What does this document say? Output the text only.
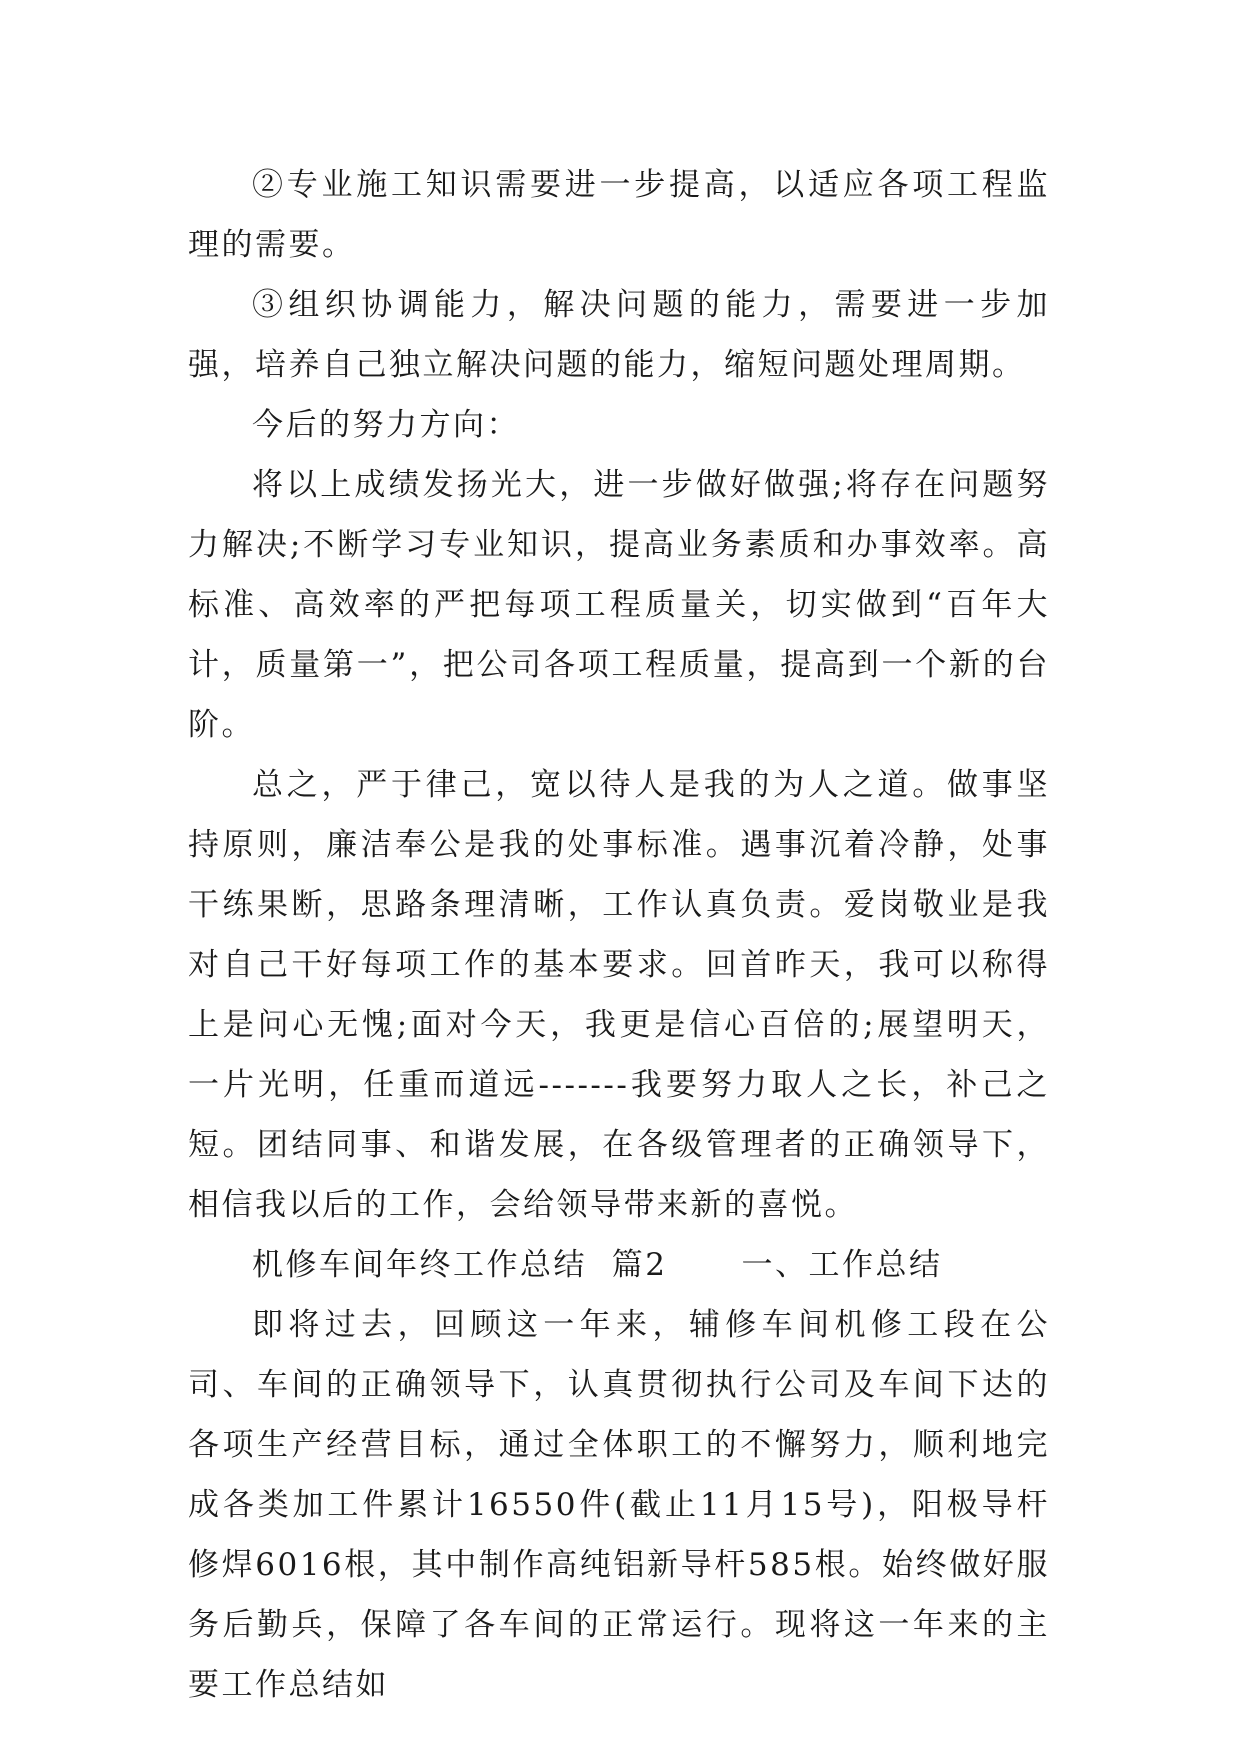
②专业施工知识需要进一步提高，以适应各项工程监理的需要。

③组织协调能力，解决问题的能力，需要进一步加强，培养自己独立解决问题的能力，缩短问题处理周期。

今后的努力方向：

将以上成绩发扬光大，进一步做好做强;将存在问题努力解决;不断学习专业知识，提高业务素质和办事效率。高标准、高效率的严把每项工程质量关，切实做到“百年大计，质量第一”，把公司各项工程质量，提高到一个新的台阶。

总之，严于律己，宽以待人是我的为人之道。做事坚持原则，廉洁奉公是我的处事标准。遇事沉着冷静，处事干练果断，思路条理清晰，工作认真负责。爱岗敬业是我对自己干好每项工作的基本要求。回首昨天，我可以称得上是问心无愧;面对今天，我更是信心百倍的;展望明天，一片光明，任重而道远-------我要努力取人之长，补己之短。团结同事、和谐发展，在各级管理者的正确领导下，相信我以后的工作，会给领导带来新的喜悦。

机修车间年终工作总结  篇2      一、工作总结

即将过去，回顾这一年来，辅修车间机修工段在公司、车间的正确领导下，认真贯彻执行公司及车间下达的各项生产经营目标，通过全体职工的不懈努力，顺利地完成各类加工件累计16550件(截止11月15号)，阳极导杆修焊6016根，其中制作高纯铝新导杆585根。始终做好服务后勤兵，保障了各车间的正常运行。现将这一年来的主要工作总结如
